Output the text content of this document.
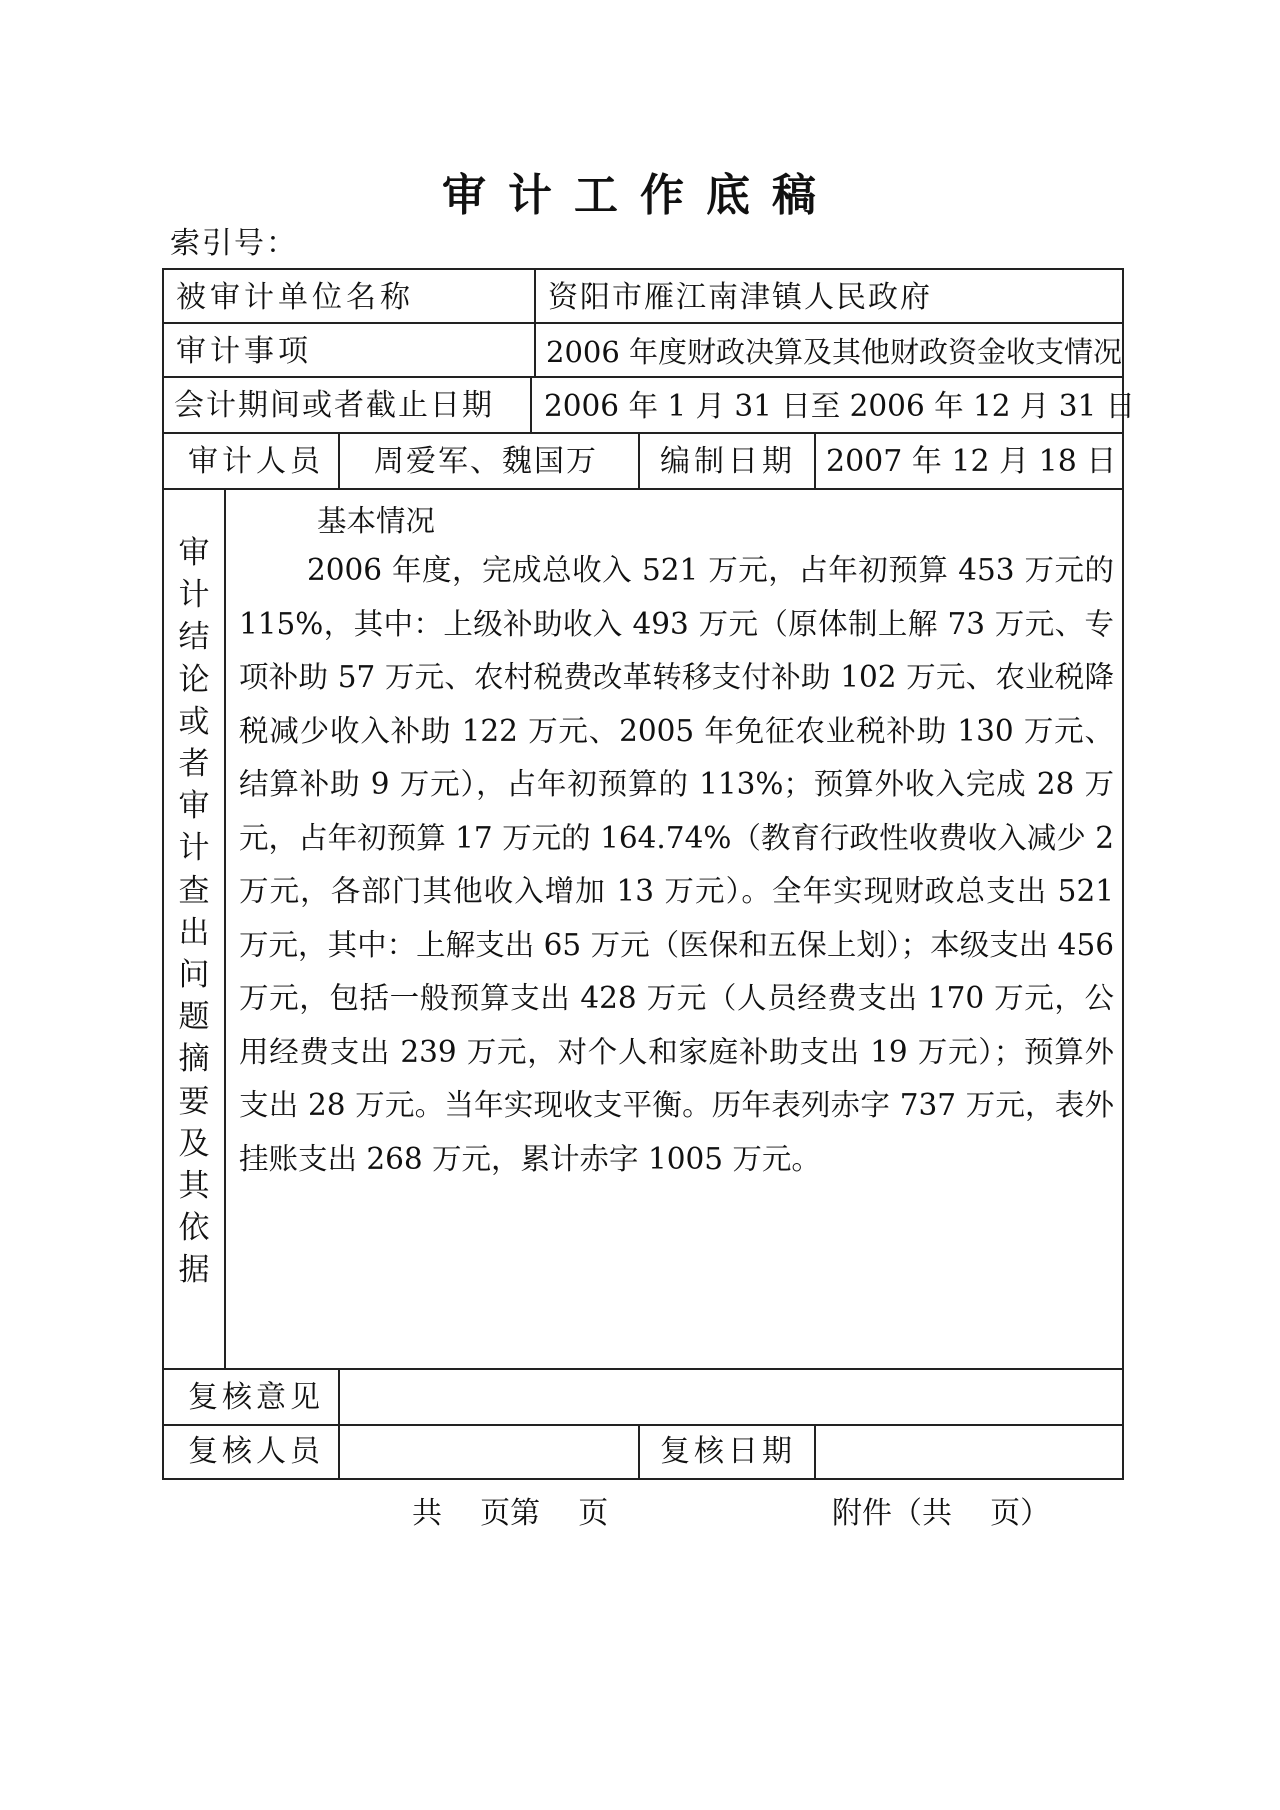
审计工作底稿
索引号：
被审计单位名称	资阳市雁江南津镇人民政府
审计事项	2006 年度财政决算及其他财政资金收支情况
会计期间或者截止日期 2006 年 1 月 31 日至 2006 年 12 月 31 日
审计人员 周爱军、魏国万 编制日期 2007 年 12 月 18 日
审
计
结
论
或
者
审
计
查
出
问
题
摘
要
及
其
依
据

基本情况

2006 年度，完成总收入 521 万元，占年初预算 453 万元的 115%，其中：上级补助收入 493 万元（原体制上解 73 万元、专项补助 57 万元、农村税费改革转移支付补助 102 万元、农业税降税减少收入补助 122 万元、2005 年免征农业税补助 130 万元、结算补助 9 万元），占年初预算的 113%；预算外收入完成 28 万元，占年初预算 17 万元的 164.74%（教育行政性收费收入减少 2 万元，各部门其他收入增加 13 万元）。全年实现财政总支出 521 万元，其中：上解支出 65 万元（医保和五保上划）；本级支出 456 万元，包括一般预算支出 428 万元（人员经费支出 170 万元，公用经费支出 239 万元，对个人和家庭补助支出 19 万元）；预算外支出 28 万元。当年实现收支平衡。历年表列赤字 737 万元，表外挂账支出 268 万元，累计赤字 1005 万元。

复核意见
复核人员	复核日期
共    页第    页	附件（共    页）
